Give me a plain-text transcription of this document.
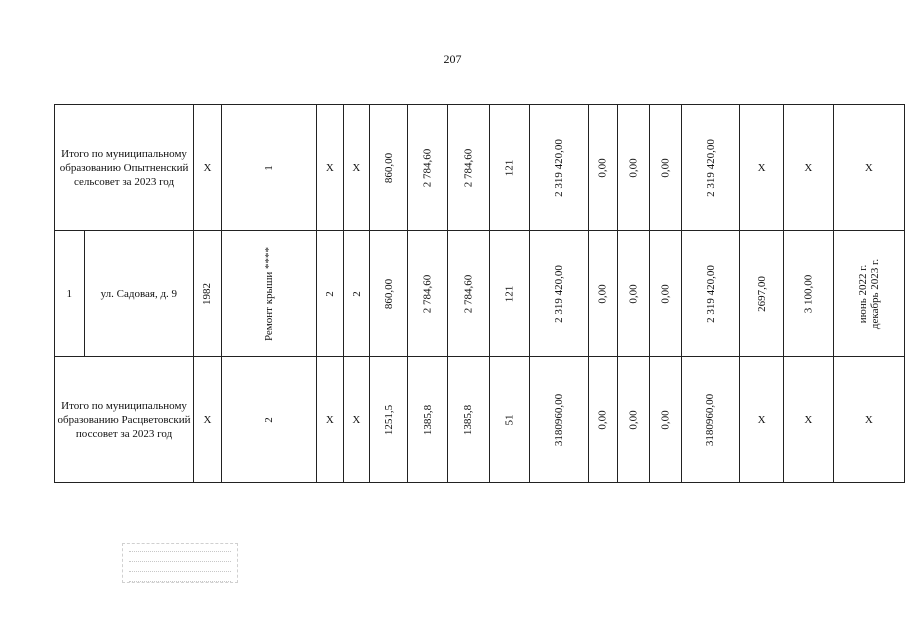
207
Итого по муниципальному образованию Опытненский сельсовет за 2023 год		Х	1	Х	Х	860,00	2 784,60	2 784,60	121	2 319 420,00	0,00	0,00	0,00	2 319 420,00	Х	Х	Х
1	ул. Садовая, д. 9	1982	Ремонт крыши ****	2	2	860,00	2 784,60	2 784,60	121	2 319 420,00	0,00	0,00	0,00	2 319 420,00	2697,00	3 100,00	июнь 2022 г.
декабрь 2023 г.
Итого по муниципальному образованию Расцветовский поссовет за 2023 год		Х	2	Х	Х	1251,5	1385,8	1385,8	51	3180960,00	0,00	0,00	0,00	3180960,00	Х	Х	Х
